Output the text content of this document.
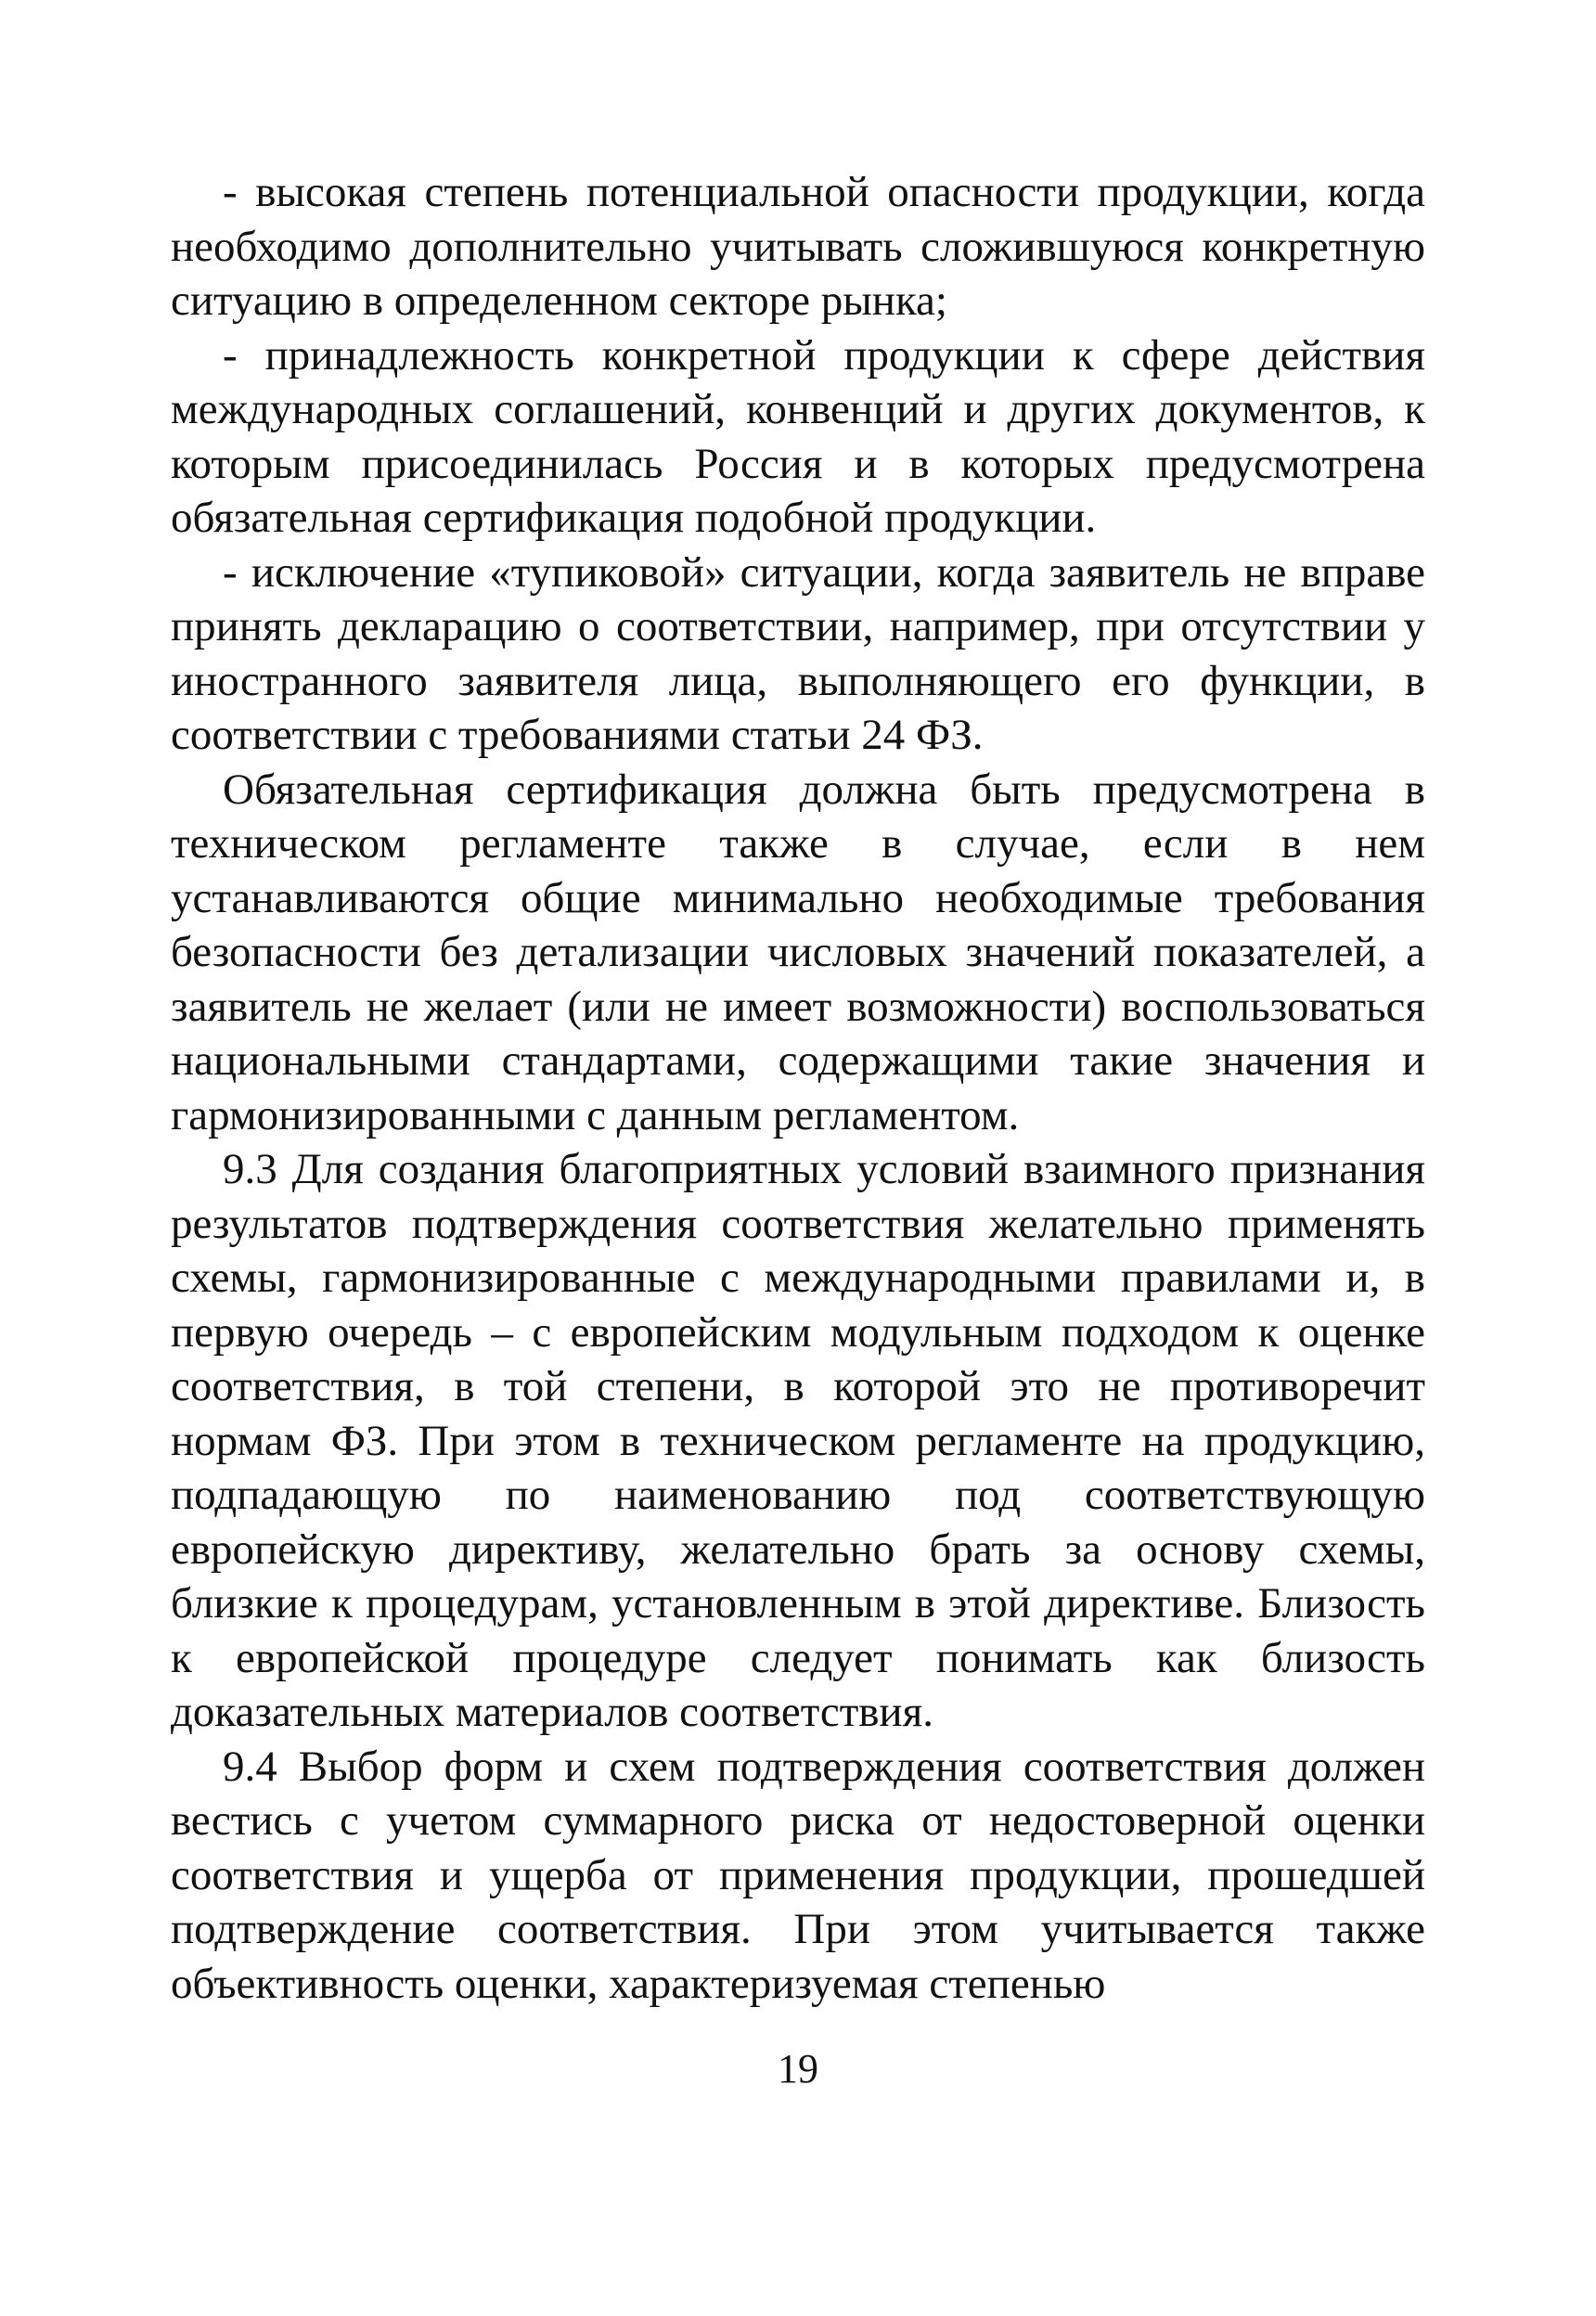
- высокая степень потенциальной опасности продукции, когда необходимо дополнительно учитывать сложившуюся конкретную ситуацию в определенном секторе рынка;

- принадлежность конкретной продукции к сфере действия международных соглашений, конвенций и других документов, к которым присоединилась Россия и в которых предусмотрена обязательная сертификация подобной продукции.

- исключение «тупиковой» ситуации, когда заявитель не вправе принять декларацию о соответствии, например, при отсутствии у иностранного заявителя лица, выполняющего его функции, в соответствии с требованиями статьи 24 ФЗ.

Обязательная сертификация должна быть предусмотрена в техническом регламенте также в случае, если в нем устанавливаются общие минимально необходимые требования безопасности без детализации числовых значений показателей, а заявитель не желает (или не имеет возможности) воспользоваться национальными стандартами, содержащими такие значения и гармонизированными с данным регламентом.

9.3 Для создания благоприятных условий взаимного признания результатов подтверждения соответствия желательно применять схемы, гармонизированные с международными правилами и, в первую очередь – с европейским модульным подходом к оценке соответствия, в той степени, в которой это не противоречит нормам ФЗ. При этом в техническом регламенте на продукцию, подпадающую по наименованию под соответствующую европейскую директиву, желательно брать за основу схемы, близкие к процедурам, установленным в этой директиве. Близость к европейской процедуре следует понимать как близость доказательных материалов соответствия.

9.4 Выбор форм и схем подтверждения соответствия должен вестись с учетом суммарного риска от недостоверной оценки соответствия и ущерба от применения продукции, прошедшей подтверждение соответствия. При этом учитывается также объективность оценки, характеризуемая степенью

19
